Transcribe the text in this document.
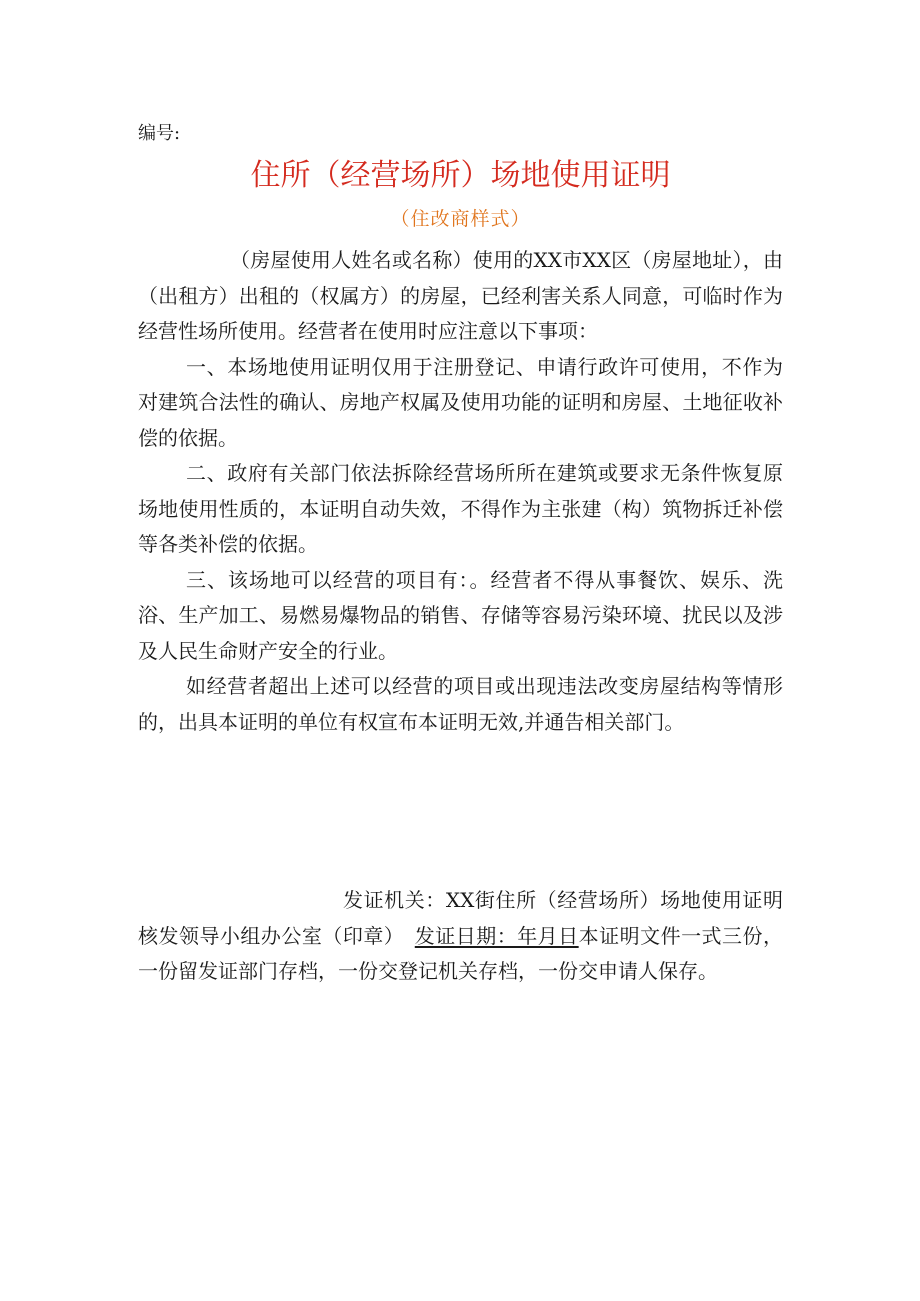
编号:
住所（经营场所）场地使用证明
（住改商样式）

（房屋使用人姓名或名称）使用的XX市XX区（房屋地址），由（出租方）出租的（权属方）的房屋，已经利害关系人同意，可临时作为经营性场所使用。经营者在使用时应注意以下事项：

一、本场地使用证明仅用于注册登记、申请行政许可使用，不作为对建筑合法性的确认、房地产权属及使用功能的证明和房屋、土地征收补偿的依据。

二、政府有关部门依法拆除经营场所所在建筑或要求无条件恢复原场地使用性质的，本证明自动失效，不得作为主张建（构）筑物拆迁补偿等各类补偿的依据。

三、该场地可以经营的项目有：。经营者不得从事餐饮、娱乐、洗浴、生产加工、易燃易爆物品的销售、存储等容易污染环境、扰民以及涉及人民生命财产安全的行业。

如经营者超出上述可以经营的项目或出现违法改变房屋结构等情形的，出具本证明的单位有权宣布本证明无效,并通告相关部门。

发证机关：XX街住所（经营场所）场地使用证明核发领导小组办公室（印章）　 发证日期：年月日本证明文件一式三份，一份留发证部门存档，一份交登记机关存档，一份交申请人保存。
